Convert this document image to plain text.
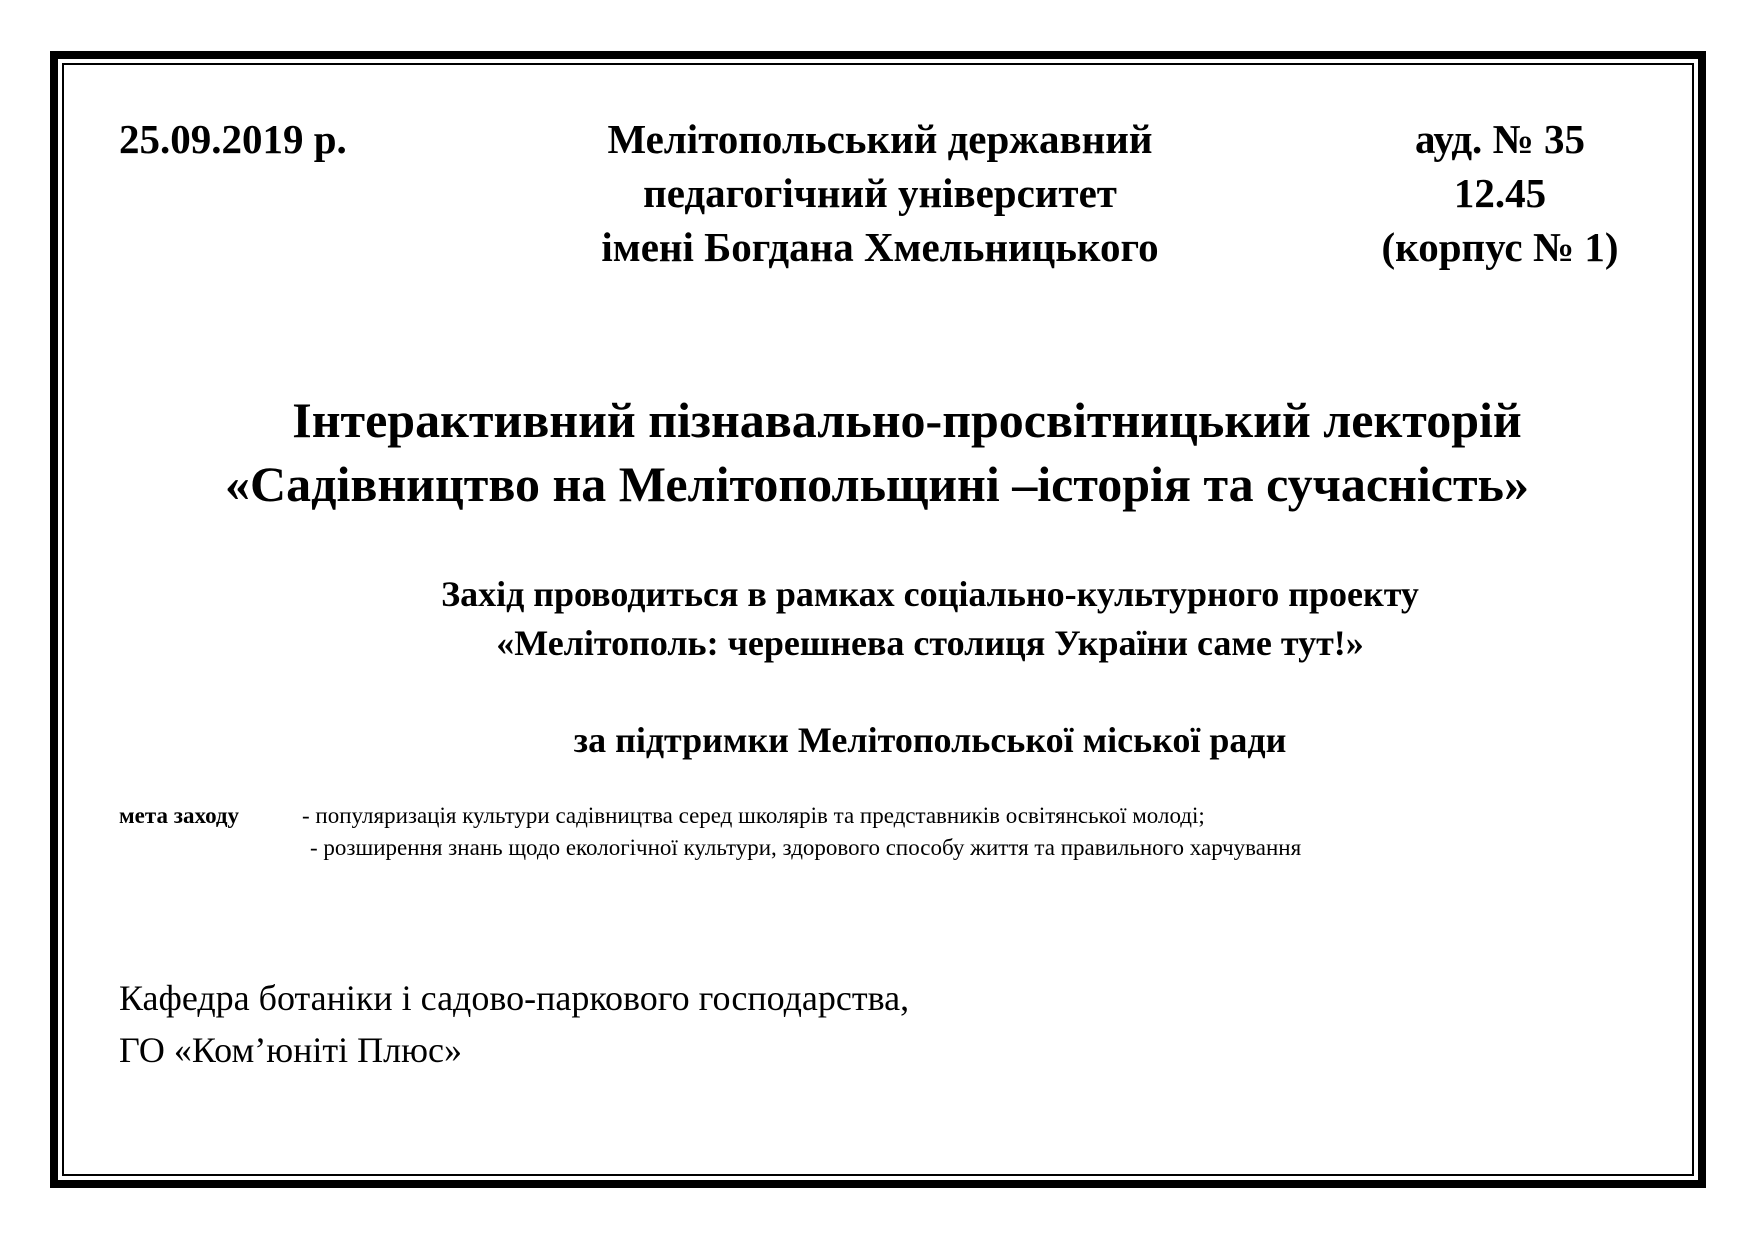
25.09.2019 р.	Мелітопольський державний
педагогічний університет
імені Богдана Хмельницького
ауд. № 35
12.45
(корпус № 1)
Інтерактивний пізнавально-просвітницький лекторій
«Садівництво на Мелітопольщині –історія та сучасність»
Захід проводиться в рамках соціально-культурного проекту
«Мелітополь: черешнева столиця України саме тут!»
за підтримки Мелітопольської міської ради
мета заходу	- популяризація культури садівництва серед школярів та представників освітянської молоді;
- розширення знань щодо екологічної культури, здорового способу життя та правильного харчування
Кафедра ботаніки і садово-паркового господарства,
ГО «Ком’юніті Плюс»
